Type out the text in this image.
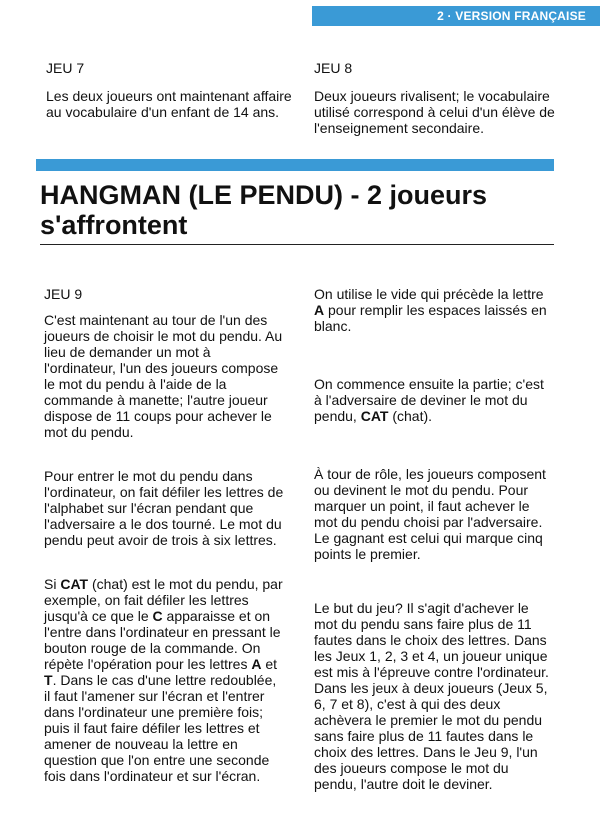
2 · VERSION FRANÇAISE
JEU 7

Les deux joueurs ont maintenant affaire au vocabulaire d'un enfant de 14 ans.

JEU 8

Deux joueurs rivalisent; le vocabulaire utilisé correspond à celui d'un élève de l'enseignement secondaire.

HANGMAN (LE PENDU) - 2 joueurs s'affrontent
JEU 9

C'est maintenant au tour de l'un des joueurs de choisir le mot du pendu. Au lieu de demander un mot à l'ordinateur, l'un des joueurs compose le mot du pendu à l'aide de la commande à manette; l'autre joueur dispose de 11 coups pour achever le mot du pendu.

Pour entrer le mot du pendu dans l'ordinateur, on fait défiler les lettres de l'alphabet sur l'écran pendant que l'adversaire a le dos tourné. Le mot du pendu peut avoir de trois à six lettres.

Si CAT (chat) est le mot du pendu, par exemple, on fait défiler les lettres jusqu'à ce que le C apparaisse et on l'entre dans l'ordinateur en pressant le bouton rouge de la commande. On répète l'opération pour les lettres A et T. Dans le cas d'une lettre redoublée, il faut l'amener sur l'écran et l'entrer dans l'ordinateur une première fois; puis il faut faire défiler les lettres et amener de nouveau la lettre en question que l'on entre une seconde fois dans l'ordinateur et sur l'écran.

On utilise le vide qui précède la lettre A pour remplir les espaces laissés en blanc.

On commence ensuite la partie; c'est à l'adversaire de deviner le mot du pendu, CAT (chat).

À tour de rôle, les joueurs composent ou devinent le mot du pendu. Pour marquer un point, il faut achever le mot du pendu choisi par l'adversaire. Le gagnant est celui qui marque cinq points le premier.

Le but du jeu? Il s'agit d'achever le mot du pendu sans faire plus de 11 fautes dans le choix des lettres. Dans les Jeux 1, 2, 3 et 4, un joueur unique est mis à l'épreuve contre l'ordinateur. Dans les jeux à deux joueurs (Jeux 5, 6, 7 et 8), c'est à qui des deux achèvera le premier le mot du pendu sans faire plus de 11 fautes dans le choix des lettres. Dans le Jeu 9, l'un des joueurs compose le mot du pendu, l'autre doit le deviner.
